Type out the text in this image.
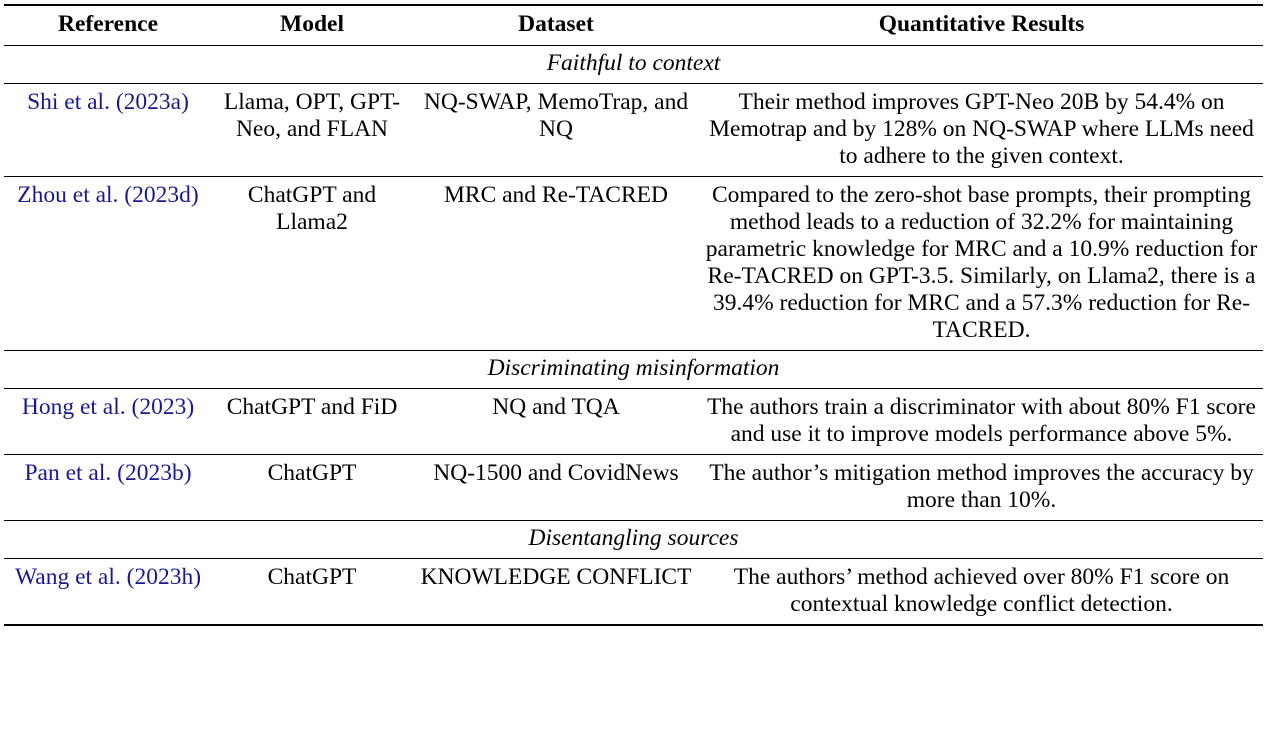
Reference	Model	Dataset	Quantitative Results
Faithful to context			
Shi et al. (2023a)	Llama, OPT, GPT-Neo, and FLAN	NQ-SWAP, MemoTrap, and NQ	Their method improves GPT-Neo 20B by 54.4% on Memotrap and by 128% on NQ-SWAP where LLMs need to adhere to the given context.
Zhou et al. (2023d)	ChatGPT and Llama2	MRC and Re-TACRED	Compared to the zero-shot base prompts, their prompting method leads to a reduction of 32.2% for maintaining parametric knowledge for MRC and a 10.9% reduction for Re-TACRED on GPT-3.5. Similarly, on Llama2, there is a 39.4% reduction for MRC and a 57.3% reduction for Re-TACRED.
Discriminating misinformation			
Hong et al. (2023)	ChatGPT and FiD	NQ and TQA	The authors train a discriminator with about 80% F1 score and use it to improve models performance above 5%.
Pan et al. (2023b)	ChatGPT	NQ-1500 and CovidNews	The author’s mitigation method improves the accuracy by more than 10%.
Disentangling sources			
Wang et al. (2023h)	ChatGPT	KNOWLEDGE CONFLICT	The authors’ method achieved over 80% F1 score on contextual knowledge conflict detection.
